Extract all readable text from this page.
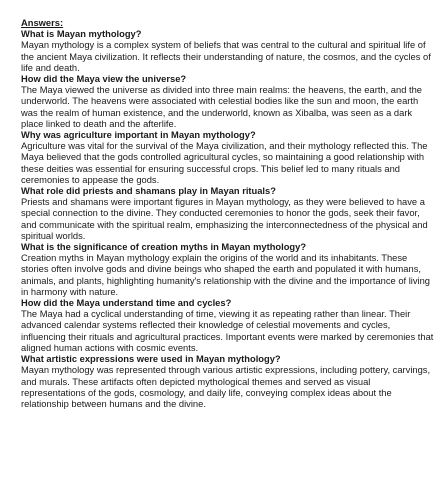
Answers:

What is Mayan mythology?

Mayan mythology is a complex system of beliefs that was central to the cultural and spiritual life of the ancient Maya civilization. It reflects their understanding of nature, the cosmos, and the cycles of life and death.

How did the Maya view the universe?

The Maya viewed the universe as divided into three main realms: the heavens, the earth, and the underworld. The heavens were associated with celestial bodies like the sun and moon, the earth was the realm of human existence, and the underworld, known as Xibalba, was seen as a dark place linked to death and the afterlife.

Why was agriculture important in Mayan mythology?

Agriculture was vital for the survival of the Maya civilization, and their mythology reflected this. The Maya believed that the gods controlled agricultural cycles, so maintaining a good relationship with these deities was essential for ensuring successful crops. This belief led to many rituals and ceremonies to appease the gods.

What role did priests and shamans play in Mayan rituals?

Priests and shamans were important figures in Mayan mythology, as they were believed to have a special connection to the divine. They conducted ceremonies to honor the gods, seek their favor, and communicate with the spiritual realm, emphasizing the interconnectedness of the physical and spiritual worlds.

What is the significance of creation myths in Mayan mythology?

Creation myths in Mayan mythology explain the origins of the world and its inhabitants. These stories often involve gods and divine beings who shaped the earth and populated it with humans, animals, and plants, highlighting humanity's relationship with the divine and the importance of living in harmony with nature.

How did the Maya understand time and cycles?

The Maya had a cyclical understanding of time, viewing it as repeating rather than linear. Their advanced calendar systems reflected their knowledge of celestial movements and cycles, influencing their rituals and agricultural practices. Important events were marked by ceremonies that aligned human actions with cosmic events.

What artistic expressions were used in Mayan mythology?

Mayan mythology was represented through various artistic expressions, including pottery, carvings, and murals. These artifacts often depicted mythological themes and served as visual representations of the gods, cosmology, and daily life, conveying complex ideas about the relationship between humans and the divine.
